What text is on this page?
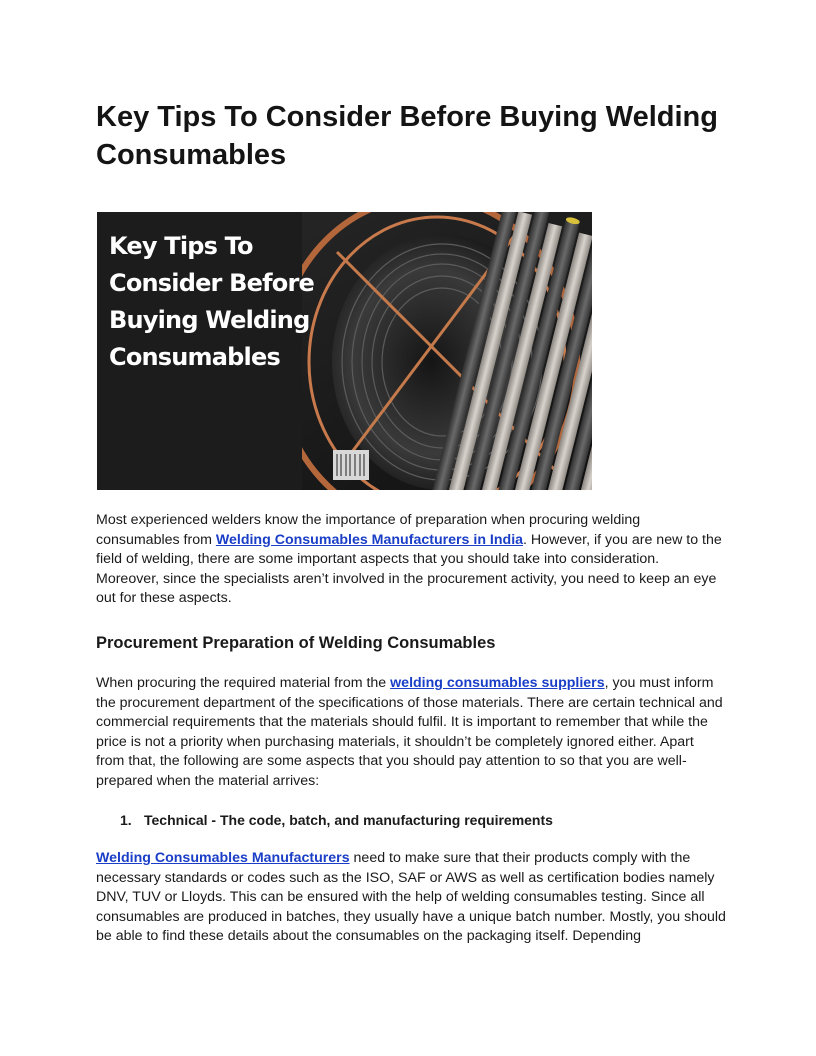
Key Tips To Consider Before Buying Welding Consumables
Key Tips To
Consider Before
Buying Welding
Consumables

Most experienced welders know the importance of preparation when procuring welding consumables from Welding Consumables Manufacturers in India. However, if you are new to the field of welding, there are some important aspects that you should take into consideration. Moreover, since the specialists aren’t involved in the procurement activity, you need to keep an eye out for these aspects.

Procurement Preparation of Welding Consumables

When procuring the required material from the welding consumables suppliers, you must inform the procurement department of the specifications of those materials. There are certain technical and commercial requirements that the materials should fulfil. It is important to remember that while the price is not a priority when purchasing materials, it shouldn’t be completely ignored either. Apart from that, the following are some aspects that you should pay attention to so that you are well-prepared when the material arrives:

1. Technical - The code, batch, and manufacturing requirements

Welding Consumables Manufacturers need to make sure that their products comply with the necessary standards or codes such as the ISO, SAF or AWS as well as certification bodies namely DNV, TUV or Lloyds. This can be ensured with the help of welding consumables testing. Since all consumables are produced in batches, they usually have a unique batch number. Mostly, you should be able to find these details about the consumables on the packaging itself. Depending
